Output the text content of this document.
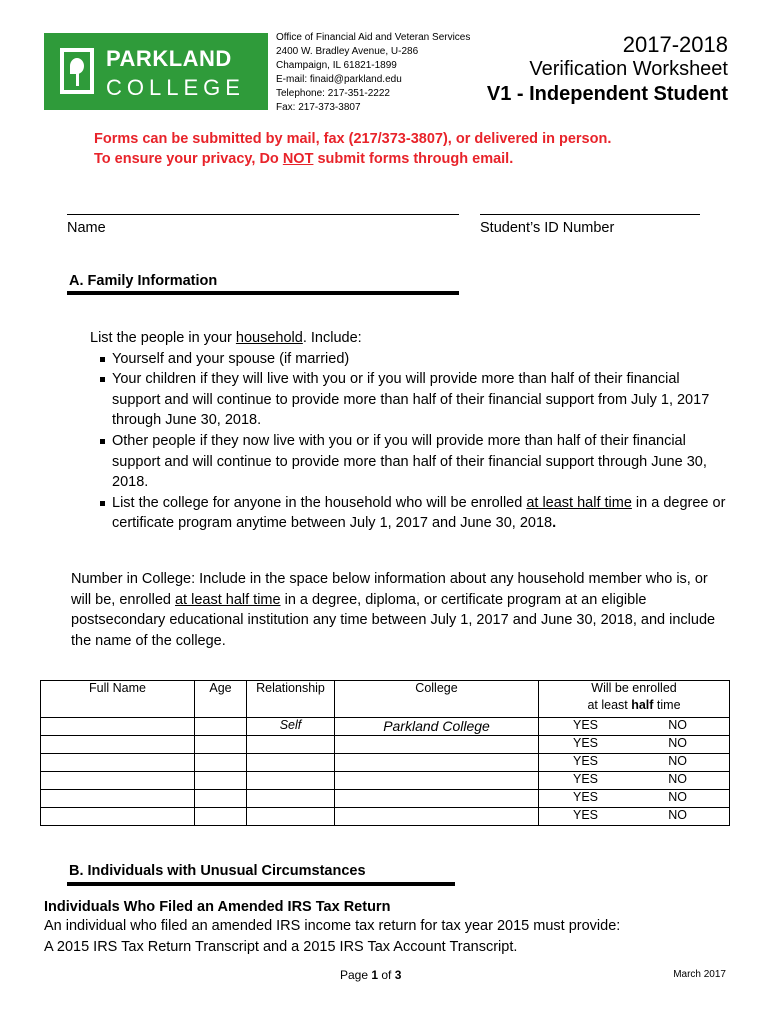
PARKLAND
COLLEGE
Office of Financial Aid and Veteran Services
2400 W. Bradley Avenue, U-286
Champaign, IL 61821-1899
E-mail: finaid@parkland.edu
Telephone: 217-351-2222
Fax: 217-373-3807
2017-2018
Verification Worksheet
V1 - Independent Student
Forms can be submitted by mail, fax (217/373-3807), or delivered in person.
To ensure your privacy, Do NOT submit forms through email.
Name	Student’s ID Number
A. Family Information
List the people in your household. Include:
Yourself and your spouse (if married)
Your children if they will live with you or if you will provide more than half of their financial support and will continue to provide more than half of their financial support from July 1, 2017 through June 30, 2018.
Other people if they now live with you or if you will provide more than half of their financial support and will continue to provide more than half of their financial support through June 30, 2018.
List the college for anyone in the household who will be enrolled at least half time in a degree or certificate program anytime between July 1, 2017 and June 30, 2018.
Number in College: Include in the space below information about any household member who is, or will be, enrolled at least half time in a degree, diploma, or certificate program at an eligible postsecondary educational institution any time between July 1, 2017 and June 30, 2018, and include the name of the college.
Full Name	Age	Relationship	College	Will be enrolled
at least half time

		Self	Parkland College	YES NO

				YES NO

				YES NO

				YES NO

				YES NO

				YES NO
B. Individuals with Unusual Circumstances
Individuals Who Filed an Amended IRS Tax Return
An individual who filed an amended IRS income tax return for tax year 2015 must provide:
A 2015 IRS Tax Return Transcript and a 2015 IRS Tax Account Transcript.
Page 1 of 3	March 2017
